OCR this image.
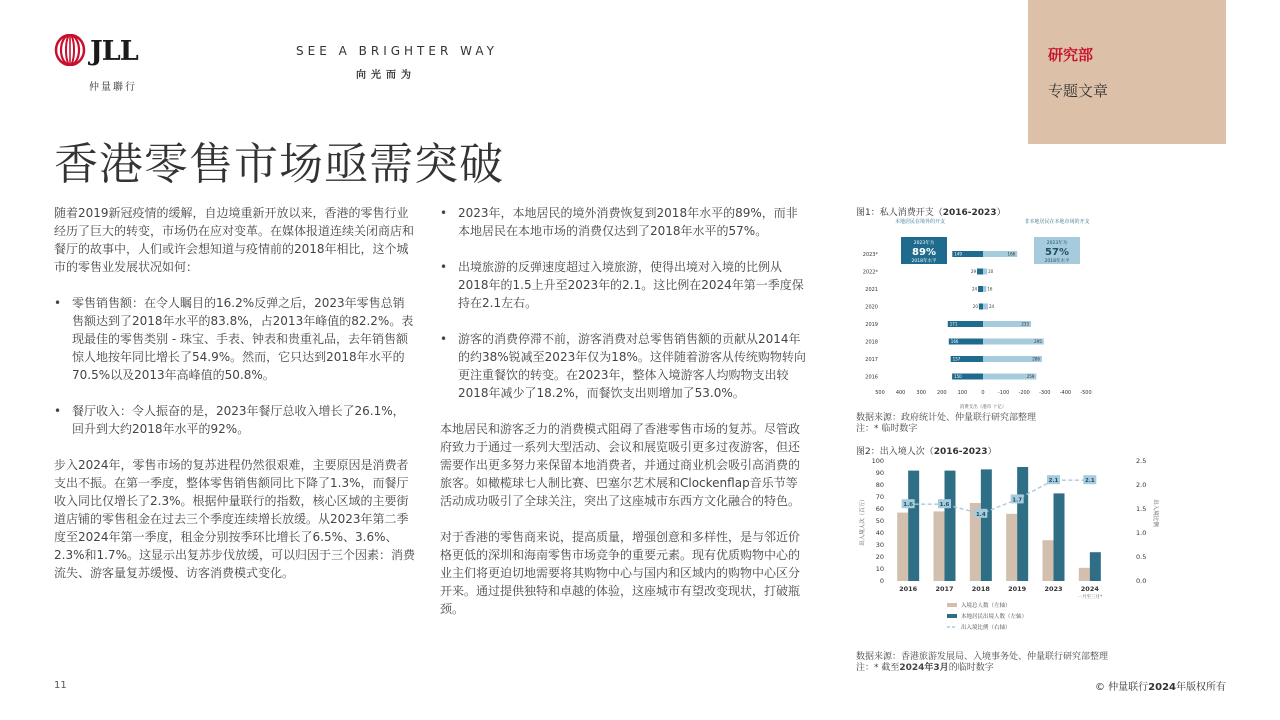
JLL
仲量聯行
SEE A BRIGHTER WAY
向光而为
研究部
专题文章
香港零售市场亟需突破

随着2019新冠疫情的缓解，自边境重新开放以来，香港的零售行业经历了巨大的转变，市场仍在应对变革。在媒体报道连续关闭商店和餐厅的故事中，人们或许会想知道与疫情前的2018年相比，这个城市的零售业发展状况如何：

• 零售销售额：在令人瞩目的16.2%反弹之后，2023年零售总销售额达到了2018年水平的83.8%，占2013年峰值的82.2%。表现最佳的零售类别 - 珠宝、手表、钟表和贵重礼品，去年销售额惊人地按年同比增长了54.9%。然而，它只达到2018年水平的70.5%以及2013年高峰值的50.8%。
• 餐厅收入：令人振奋的是，2023年餐厅总收入增长了26.1%，回升到大约2018年水平的92%。

步入2024年，零售市场的复苏进程仍然很艰难，主要原因是消费者支出不振。在第一季度，整体零售销售额同比下降了1.3%，而餐厅收入同比仅增长了2.3%。根据仲量联行的指数，核心区域的主要街道店铺的零售租金在过去三个季度连续增长放缓。从2023年第二季度至2024年第一季度，租金分别按季环比增长了6.5%、3.6%、2.3%和1.7%。这显示出复苏步伐放缓，可以归因于三个因素：消费流失、游客量复苏缓慢、访客消费模式变化。

• 2023年，本地居民的境外消费恢复到2018年水平的89%，而非本地居民在本地市场的消费仅达到了2018年水平的57%。
• 出境旅游的反弹速度超过入境旅游，使得出境对入境的比例从2018年的1.5上升至2023年的2.1。这比例在2024年第一季度保持在2.1左右。
• 游客的消费停滞不前，游客消费对总零售销售额的贡献从2014年的约38%锐减至2023年仅为18%。这伴随着游客从传统购物转向更注重餐饮的转变。在2023年，整体入境游客人均购物支出较2018年减少了18.2%，而餐饮支出则增加了53.0%。

本地居民和游客乏力的消费模式阻碍了香港零售市场的复苏。尽管政府致力于通过一系列大型活动、会议和展览吸引更多过夜游客，但还需要作出更多努力来保留本地消费者，并通过商业机会吸引高消费的旅客。如橄榄球七人制比赛、巴塞尔艺术展和Clockenflap音乐节等活动成功吸引了全球关注，突出了这座城市东西方文化融合的特色。

对于香港的零售商来说，提高质量，增强创意和多样性，是与邻近价格更低的深圳和海南零售市场竞争的重要元素。现有优质购物中心的业主们将更迫切地需要将其购物中心与国内和区域内的购物中心区分开来。通过提供独特和卓越的体验，这座城市有望改变现状，打破瓶颈。

图1：私人消费开支（2016-2023）
本地居民在境外的开支	非本地居民在本地市场的开支
2023年为
89%
2018年水平
2023年为
57%
2018年水平
2023*	149	166
2022*	29	20
2021	24	16
2020	20	24
2019	171	233
2018	166	295
2017	157	286
2016	150	259
500 400 300 200 100	0	-100 -200 -300 -400 -500
消费支出（港币 十亿）
数据来源：政府统计处、仲量联行研究部整理
注：* 临时数字
图2：出入境人次（2016-2023）
0
10
20
30
40
50
60
70
80
90
100
0.0
0.5
1.0
1.5
2.0
2.5
出入境人次（百万）	出入境比例
2016	2017	2018	2019	2023	2024
一月至三月*
1.6	1.6
1.4
1.7
2.1	2.1
入境总人数（左轴）
本地居民出境人数（左轴）
出入境比例（右轴）
数据来源：香港旅游发展局、入境事务处、仲量联行研究部整理
注：* 截至2024年3月的临时数字
11	© 仲量联行2024年版权所有
